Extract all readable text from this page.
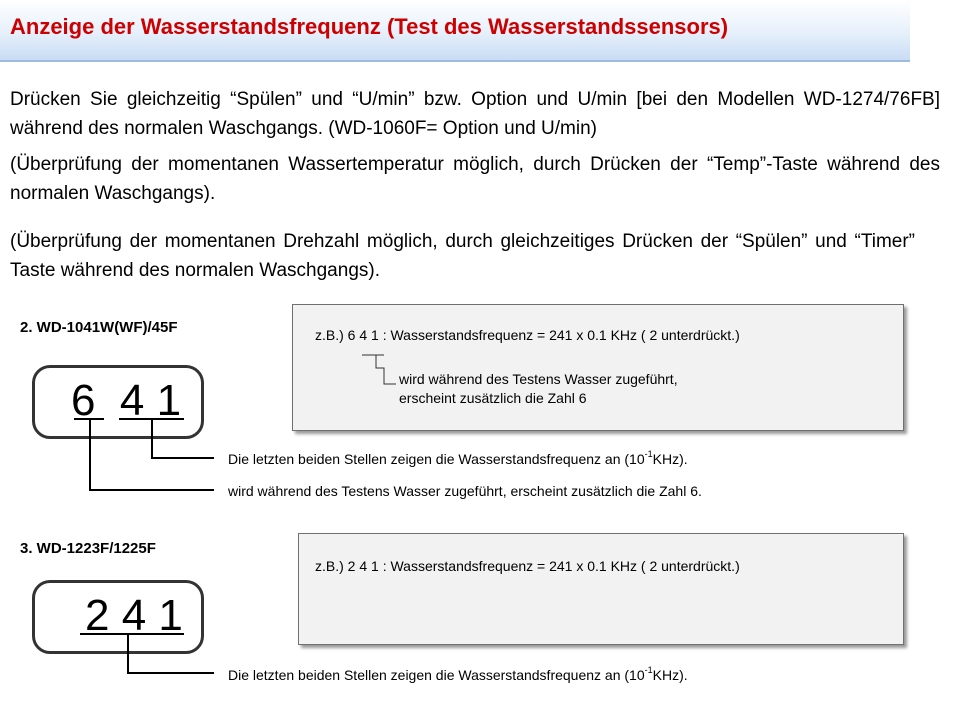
Anzeige der Wasserstandsfrequenz (Test des Wasserstandssensors)
Drücken Sie gleichzeitig “Spülen” und “U/min” bzw. Option und U/min [bei den Modellen WD-1274/76FB] während des normalen Waschgangs. (WD-1060F= Option und U/min)
(Überprüfung der momentanen Wassertemperatur möglich, durch Drücken der “Temp”-Taste während des normalen Waschgangs).
(Überprüfung der momentanen Drehzahl möglich, durch gleichzeitiges Drücken der “Spülen” und “Timer” Taste während des normalen Waschgangs).
2. WD-1041W(WF)/45F	z.B.) 6 4 1 : Wasserstandsfrequenz = 241 x 0.1 KHz ( 2 unterdrückt.)
wird während des Testens Wasser zugeführt,
erscheint zusätzlich die Zahl 6
6  4 1
Die letzten beiden Stellen zeigen die Wasserstandsfrequenz an $(10^{-1}KHz)$.
wird während des Testens Wasser zugeführt, erscheint zusätzlich die Zahl 6.
3. WD-1223F/1225F
z.B.) 2 4 1 : Wasserstandsfrequenz = 241 x 0.1 KHz ( 2 unterdrückt.)
2 4 1
Die letzten beiden Stellen zeigen die Wasserstandsfrequenz an $(10^{-1}KHz)$.
